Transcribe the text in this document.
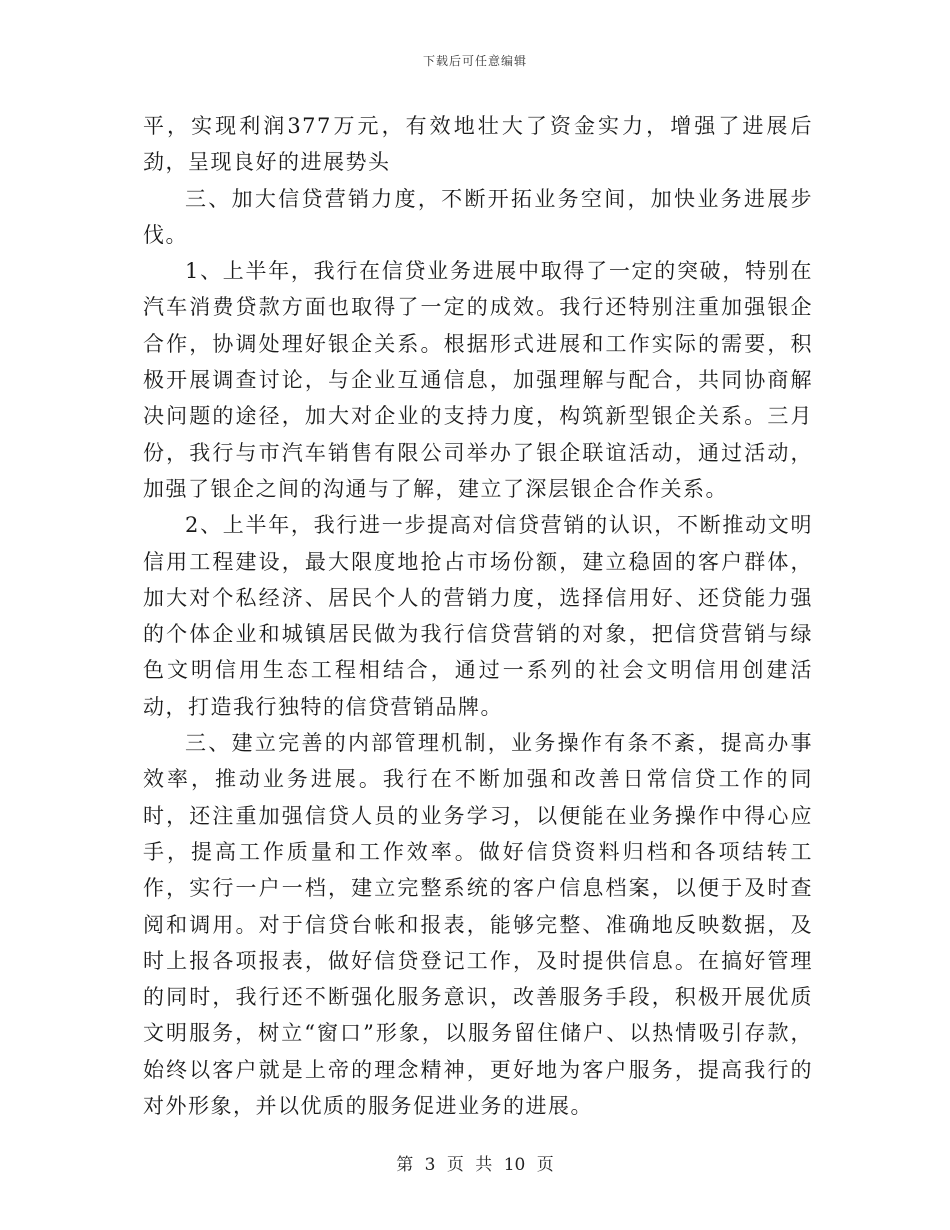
下载后可任意编辑

平，实现利润377万元，有效地壮大了资金实力，增强了进展后劲，呈现良好的进展势头

三、加大信贷营销力度，不断开拓业务空间，加快业务进展步伐。

1、上半年，我行在信贷业务进展中取得了一定的突破，特别在汽车消费贷款方面也取得了一定的成效。我行还特别注重加强银企合作，协调处理好银企关系。根据形式进展和工作实际的需要，积极开展调查讨论，与企业互通信息，加强理解与配合，共同协商解决问题的途径，加大对企业的支持力度，构筑新型银企关系。三月份，我行与市汽车销售有限公司举办了银企联谊活动，通过活动，加强了银企之间的沟通与了解，建立了深层银企合作关系。

2、上半年，我行进一步提高对信贷营销的认识，不断推动文明信用工程建设，最大限度地抢占市场份额，建立稳固的客户群体，加大对个私经济、居民个人的营销力度，选择信用好、还贷能力强的个体企业和城镇居民做为我行信贷营销的对象，把信贷营销与绿色文明信用生态工程相结合，通过一系列的社会文明信用创建活动，打造我行独特的信贷营销品牌。

三、建立完善的内部管理机制，业务操作有条不紊，提高办事效率，推动业务进展。我行在不断加强和改善日常信贷工作的同时，还注重加强信贷人员的业务学习，以便能在业务操作中得心应手，提高工作质量和工作效率。做好信贷资料归档和各项结转工作，实行一户一档，建立完整系统的客户信息档案，以便于及时查阅和调用。对于信贷台帐和报表，能够完整、准确地反映数据，及时上报各项报表，做好信贷登记工作，及时提供信息。在搞好管理的同时，我行还不断强化服务意识，改善服务手段，积极开展优质文明服务，树立“窗口”形象，以服务留住储户、以热情吸引存款，始终以客户就是上帝的理念精神，更好地为客户服务，提高我行的对外形象，并以优质的服务促进业务的进展。

第 3 页 共 10 页
